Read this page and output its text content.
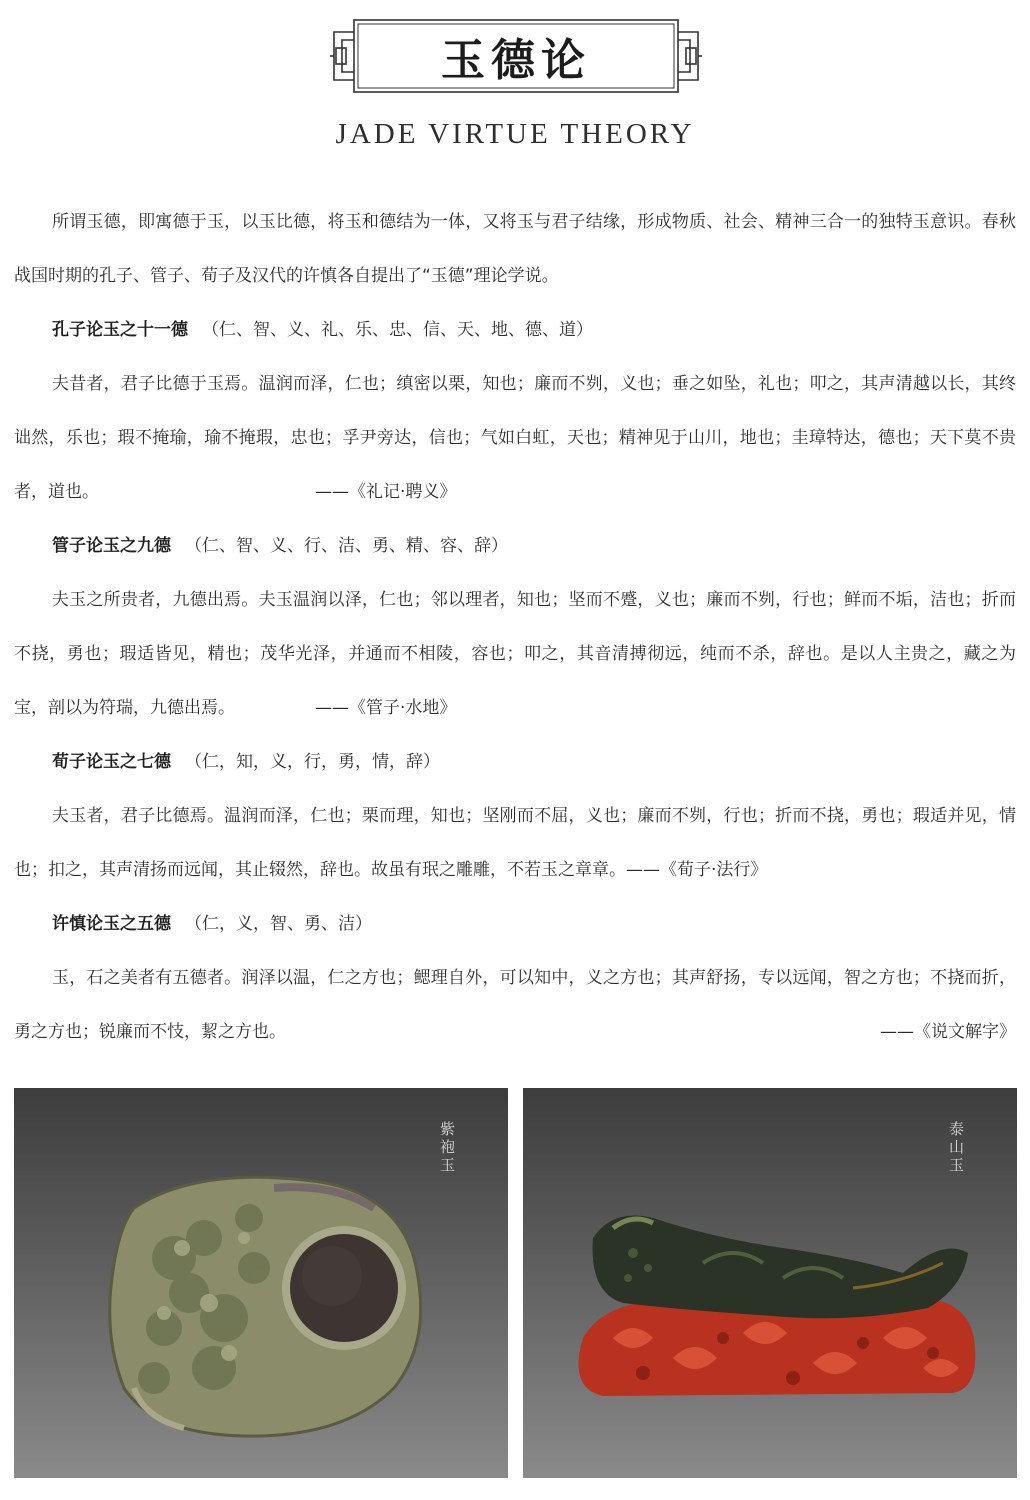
玉德论
JADE VIRTUE THEORY

所谓玉德，即寓德于玉，以玉比德，将玉和德结为一体，又将玉与君子结缘，形成物质、社会、精神三合一的独特玉意识。春秋战国时期的孔子、管子、荀子及汉代的许慎各自提出了“玉德”理论学说。

孔子论玉之十一德 （仁、智、义、礼、乐、忠、信、天、地、德、道）

夫昔者，君子比德于玉焉。温润而泽，仁也；缜密以栗，知也；廉而不刿，义也；垂之如坠，礼也；叩之，其声清越以长，其终诎然，乐也；瑕不掩瑜，瑜不掩瑕，忠也；孚尹旁达，信也；气如白虹，天也；精神见于山川，地也；圭璋特达，德也；天下莫不贵者，道也。	——《礼记·聘义》

管子论玉之九德 （仁、智、义、行、洁、勇、精、容、辞）

夫玉之所贵者，九德出焉。夫玉温润以泽，仁也；邻以理者，知也；坚而不蹙，义也；廉而不刿，行也；鲜而不垢，洁也；折而不挠，勇也；瑕适皆见，精也；茂华光泽，并通而不相陵，容也；叩之，其音清搏彻远，纯而不杀，辞也。是以人主贵之，藏之为宝，剖以为符瑞，九德出焉。	——《管子·水地》

荀子论玉之七德 （仁，知，义，行，勇，情，辞）

夫玉者，君子比德焉。温润而泽，仁也；栗而理，知也；坚刚而不屈，义也；廉而不刿，行也；折而不挠，勇也；瑕适并见，情也；扣之，其声清扬而远闻，其止辍然，辞也。故虽有珉之雕雕，不若玉之章章。——《荀子·法行》

许慎论玉之五德 （仁，义，智、勇、洁）

玉，石之美者有五德者。润泽以温，仁之方也；鳃理自外，可以知中，义之方也；其声舒扬，专以远闻，智之方也；不挠而折，勇之方也；锐廉而不忮，絜之方也。	——《说文解字》

紫袍玉
泰山玉
